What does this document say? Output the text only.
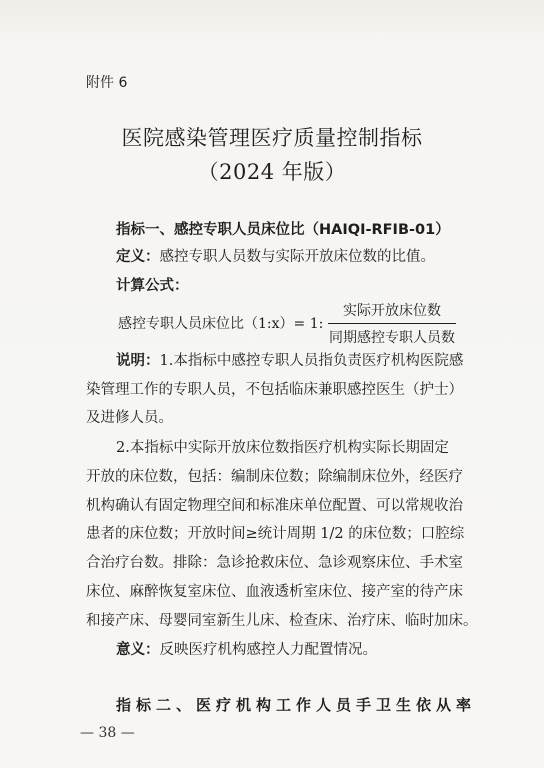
附件 6
医院感染管理医疗质量控制指标
（2024 年版）
指标一、感控专职人员床位比（HAIQI-RFIB-01）
定义：感控专职人员数与实际开放床位数的比值。
计算公式：
感控专职人员床位比（1:x）= 1:
实际开放床位数
同期感控专职人员数
说明：1.本指标中感控专职人员指负责医疗机构医院感
染管理工作的专职人员，不包括临床兼职感控医生（护士）
及进修人员。
2.本指标中实际开放床位数指医疗机构实际长期固定
开放的床位数，包括：编制床位数；除编制床位外，经医疗
机构确认有固定物理空间和标准床单位配置、可以常规收治
患者的床位数；开放时间≥统计周期 1/2 的床位数；口腔综
合治疗台数。排除：急诊抢救床位、急诊观察床位、手术室
床位、麻醉恢复室床位、血液透析室床位、接产室的待产床
和接产床、母婴同室新生儿床、检查床、治疗床、临时加床。
意义：反映医疗机构感控人力配置情况。
指标二、医疗机构工作人员手卫生依从率
— 38 —
